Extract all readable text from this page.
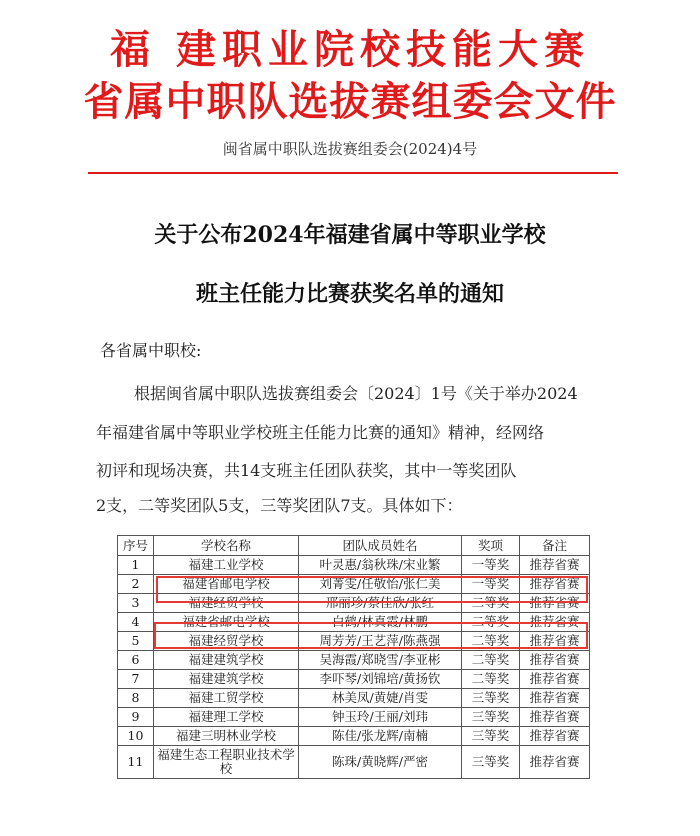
福 建职业院校技能大赛
省属中职队选拔赛组委会文件
闽省属中职队选拔赛组委会(2024)4号
关于公布2024年福建省属中等职业学校
班主任能力比赛获奖名单的通知
各省属中职校:
根据闽省属中职队选拔赛组委会〔2024〕1号《关于举办2024
年福建省属中等职业学校班主任能力比赛的通知》精神，经网络
初评和现场决赛，共14支班主任团队获奖，其中一等奖团队
2支，二等奖团队5支，三等奖团队7支。具体如下：
序号	学校名称	团队成员姓名	奖项	备注
1	福建工业学校	叶灵惠/翁秋珠/宋业繁	一等奖	推荐省赛
2	福建省邮电学校	刘菁雯/任敬怡/张仁美	一等奖	推荐省赛
3	福建经贸学校	邢丽珍/蔡佳欣/张红	二等奖	推荐省赛
4	福建省邮电学校	白鹤/林真霞/林鹏	二等奖	推荐省赛
5	福建经贸学校	周芳芳/王艺萍/陈燕强	二等奖	推荐省赛
6	福建建筑学校	吴海霞/郑晓雪/李亚彬	二等奖	推荐省赛
7	福建建筑学校	李吓琴/刘锦培/黄扬钦	二等奖	推荐省赛
8	福建工贸学校	林美凤/黄婕/肖雯	三等奖	推荐省赛
9	福建理工学校	钟玉玲/王丽/刘玮	三等奖	推荐省赛
10	福建三明林业学校	陈佳/张龙辉/南楠	三等奖	推荐省赛
11	福建生态工程职业技术学校	陈珠/黄晓辉/严密	三等奖	推荐省赛
